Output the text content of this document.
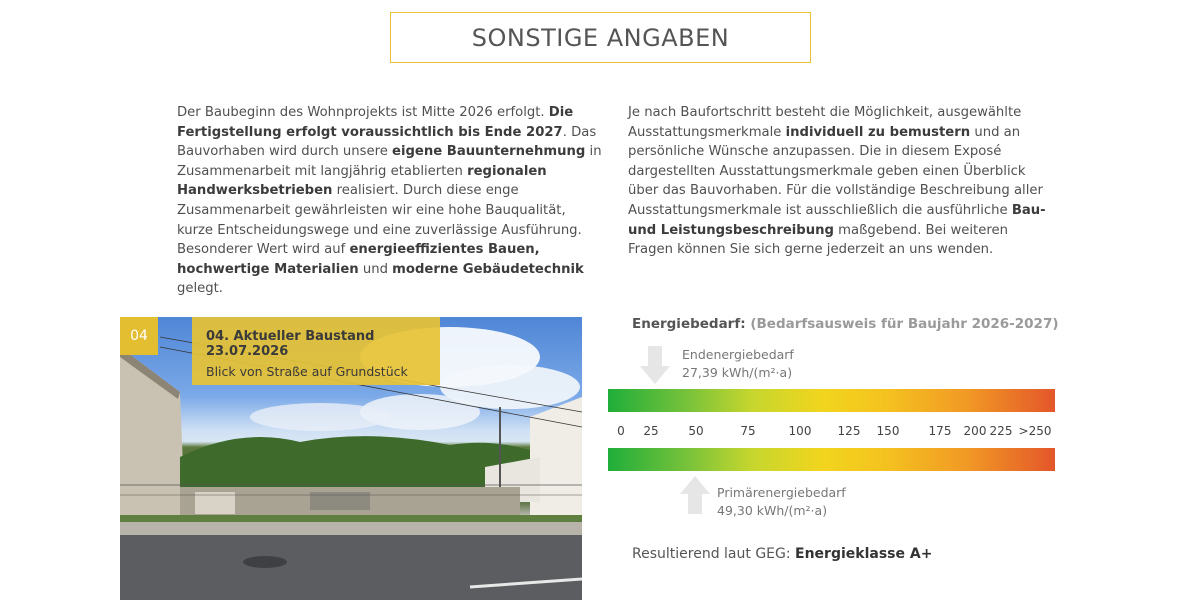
SONSTIGE ANGABEN
Der Baubeginn des Wohnprojekts ist Mitte 2026 erfolgt. Die Fertigstellung erfolgt voraussichtlich bis Ende 2027. Das Bauvorhaben wird durch unsere eigene Bauunternehmung in Zusammenarbeit mit langjährig etablierten regionalen Handwerksbetrieben realisiert. Durch diese enge Zusammenarbeit gewährleisten wir eine hohe Bauqualität, kurze Entscheidungswege und eine zuverlässige Ausführung. Besonderer Wert wird auf energieeffizientes Bauen, hochwertige Materialien und moderne Gebäudetechnik gelegt.
Je nach Baufortschritt besteht die Möglichkeit, ausgewählte Ausstattungsmerkmale individuell zu bemustern und an persönliche Wünsche anzupassen. Die in diesem Exposé dargestellten Ausstattungsmerkmale geben einen Überblick über das Bauvorhaben. Für die vollständige Beschreibung aller Ausstattungsmerkmale ist ausschließlich die ausführliche Bau- und Leistungsbeschreibung maßgebend. Bei weiteren Fragen können Sie sich gerne jederzeit an uns wenden.
04	04. Aktueller Baustand 23.07.2026
Blick von Straße auf Grundstück
Energiebedarf: (Bedarfsausweis für Baujahr 2026-2027)
Endenergiebedarf
27,39 kWh/(m²·a)
0 25 50	75	100 125 150 175 200 225 >250
Primärenergiebedarf
49,30 kWh/(m²·a)
Resultierend laut GEG: Energieklasse A+
